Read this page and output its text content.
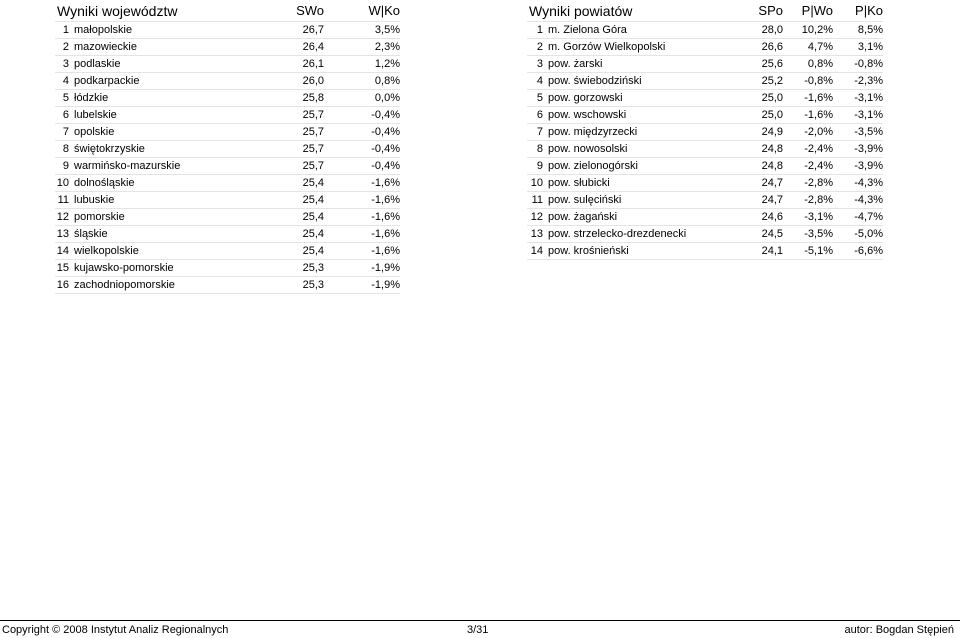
Wyniki województw		SWo	W|Ko
1	małopolskie	26,7	3,5%
2	mazowieckie	26,4	2,3%
3	podlaskie	26,1	1,2%
4	podkarpackie	26,0	0,8%
5	łódzkie	25,8	0,0%
6	lubelskie	25,7	-0,4%
7	opolskie	25,7	-0,4%
8	świętokrzyskie	25,7	-0,4%
9	warmińsko-mazurskie	25,7	-0,4%
10	dolnośląskie	25,4	-1,6%
11	lubuskie	25,4	-1,6%
12	pomorskie	25,4	-1,6%
13	śląskie	25,4	-1,6%
14	wielkopolskie	25,4	-1,6%
15	kujawsko-pomorskie	25,3	-1,9%
16	zachodniopomorskie	25,3	-1,9%
Wyniki powiatów		SPo	P|Wo	P|Ko
1	m. Zielona Góra	28,0	10,2%	8,5%
2	m. Gorzów Wielkopolski	26,6	4,7%	3,1%
3	pow. żarski	25,6	0,8%	-0,8%
4	pow. świebodziński	25,2	-0,8%	-2,3%
5	pow. gorzowski	25,0	-1,6%	-3,1%
6	pow. wschowski	25,0	-1,6%	-3,1%
7	pow. międzyrzecki	24,9	-2,0%	-3,5%
8	pow. nowosolski	24,8	-2,4%	-3,9%
9	pow. zielonogórski	24,8	-2,4%	-3,9%
10	pow. słubicki	24,7	-2,8%	-4,3%
11	pow. sulęciński	24,7	-2,8%	-4,3%
12	pow. żagański	24,6	-3,1%	-4,7%
13	pow. strzelecko-drezdenecki	24,5	-3,5%	-5,0%
14	pow. krośnieński	24,1	-5,1%	-6,6%
Copyright © 2008 Instytut Analiz Regionalnych	3/31	autor: Bogdan Stępień
